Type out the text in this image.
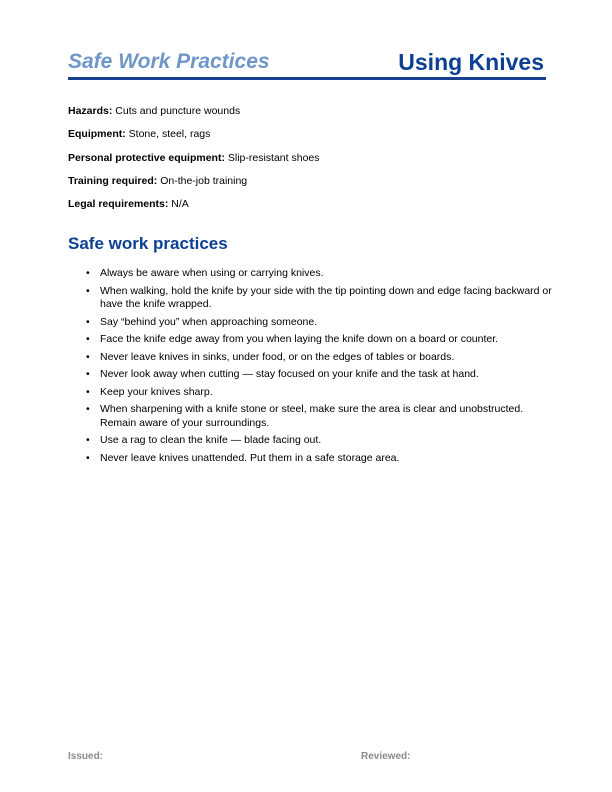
Safe Work Practices	Using Knives
Hazards: Cuts and puncture wounds
Equipment: Stone, steel, rags
Personal protective equipment: Slip-resistant shoes
Training required: On-the-job training
Legal requirements: N/A
Safe work practices
• Always be aware when using or carrying knives.
• When walking, hold the knife by your side with the tip pointing down and edge facing backward or have the knife wrapped.
• Say “behind you” when approaching someone.
• Face the knife edge away from you when laying the knife down on a board or counter.
• Never leave knives in sinks, under food, or on the edges of tables or boards.
• Never look away when cutting — stay focused on your knife and the task at hand.
• Keep your knives sharp.
• When sharpening with a knife stone or steel, make sure the area is clear and unobstructed. Remain aware of your surroundings.
• Use a rag to clean the knife — blade facing out.
• Never leave knives unattended. Put them in a safe storage area.
Issued:	Reviewed:
